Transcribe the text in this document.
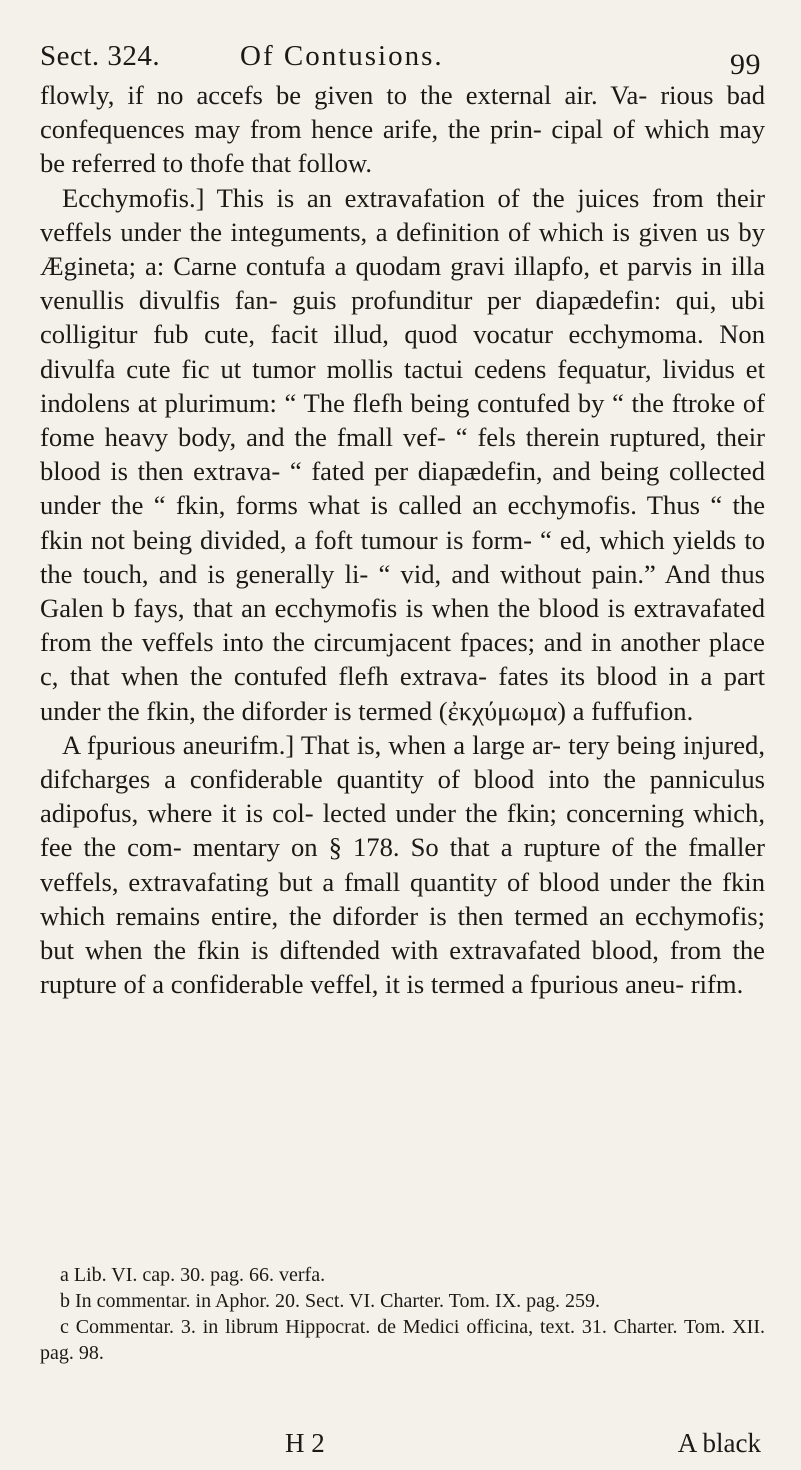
Sect. 324.	Of Contusions.	99

flowly, if no accefs be given to the external air. Va- rious bad confequences may from hence arife, the prin- cipal of which may be referred to thofe that follow.

Ecchymofis.] This is an extravafation of the juices from their veffels under the integuments, a definition of which is given us by Ægineta; a: Carne contufa a quodam gravi illapfo, et parvis in illa venullis divulfis fan- guis profunditur per diapædefin: qui, ubi colligitur fub cute, facit illud, quod vocatur ecchymoma. Non divulfa cute fic ut tumor mollis tactui cedens fequatur, lividus et indolens at plurimum: “ The flefh being contufed by “ the ftroke of fome heavy body, and the fmall vef- “ fels therein ruptured, their blood is then extrava- “ fated per diapædefin, and being collected under the “ fkin, forms what is called an ecchymofis. Thus “ the fkin not being divided, a foft tumour is form- “ ed, which yields to the touch, and is generally li- “ vid, and without pain.” And thus Galen b fays, that an ecchymofis is when the blood is extravafated from the veffels into the circumjacent fpaces; and in another place c, that when the contufed flefh extrava- fates its blood in a part under the fkin, the diforder is termed (ἐκχύμωμα) a fuffufion.

A fpurious aneurifm.] That is, when a large ar- tery being injured, difcharges a confiderable quantity of blood into the panniculus adipofus, where it is col- lected under the fkin; concerning which, fee the com- mentary on § 178. So that a rupture of the fmaller veffels, extravafating but a fmall quantity of blood under the fkin which remains entire, the diforder is then termed an ecchymofis; but when the fkin is diftended with extravafated blood, from the rupture of a confiderable veffel, it is termed a fpurious aneu- rifm.

a Lib. VI. cap. 30. pag. 66. verfa.

b In commentar. in Aphor. 20. Sect. VI. Charter. Tom. IX. pag. 259.

c Commentar. 3. in librum Hippocrat. de Medici officina, text. 31. Charter. Tom. XII. pag. 98.

H 2	A black
